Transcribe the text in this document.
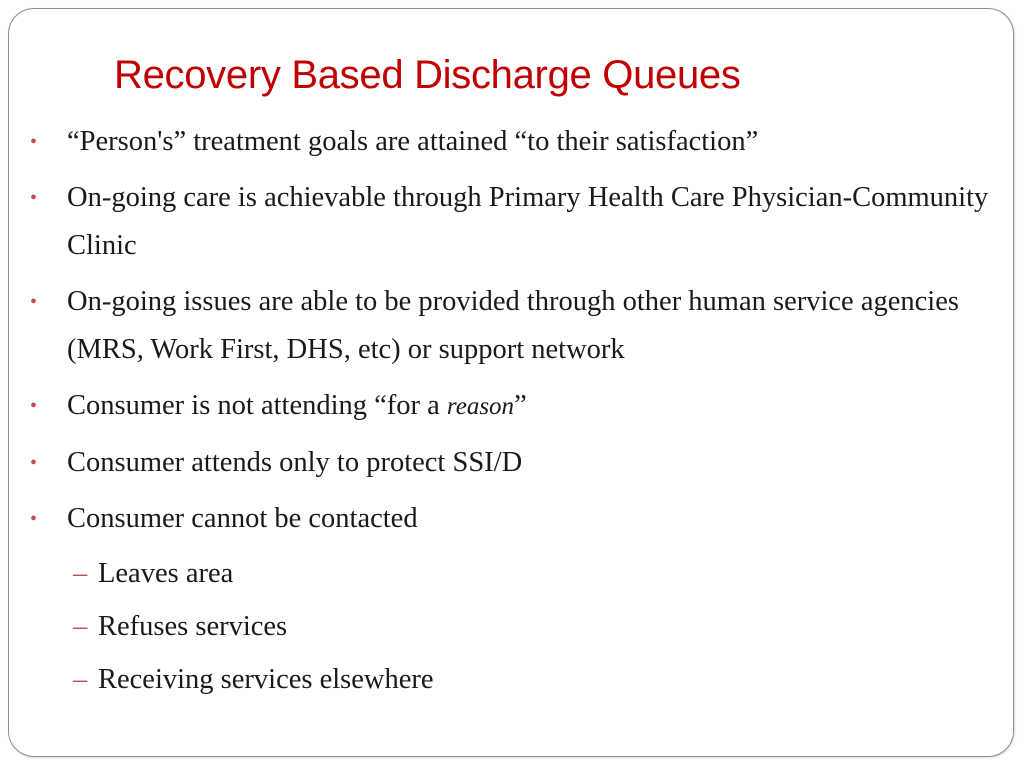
Recovery Based Discharge Queues
• “Person's” treatment goals are attained “to their satisfaction”
• On-going care is achievable through Primary Health Care Physician-Community Clinic
• On-going issues are able to be provided through other human service agencies (MRS, Work First, DHS, etc) or support network
• Consumer is not attending “for a reason”
• Consumer attends only to protect SSI/D
• Consumer cannot be contacted
– Leaves area
– Refuses services
– Receiving services elsewhere
